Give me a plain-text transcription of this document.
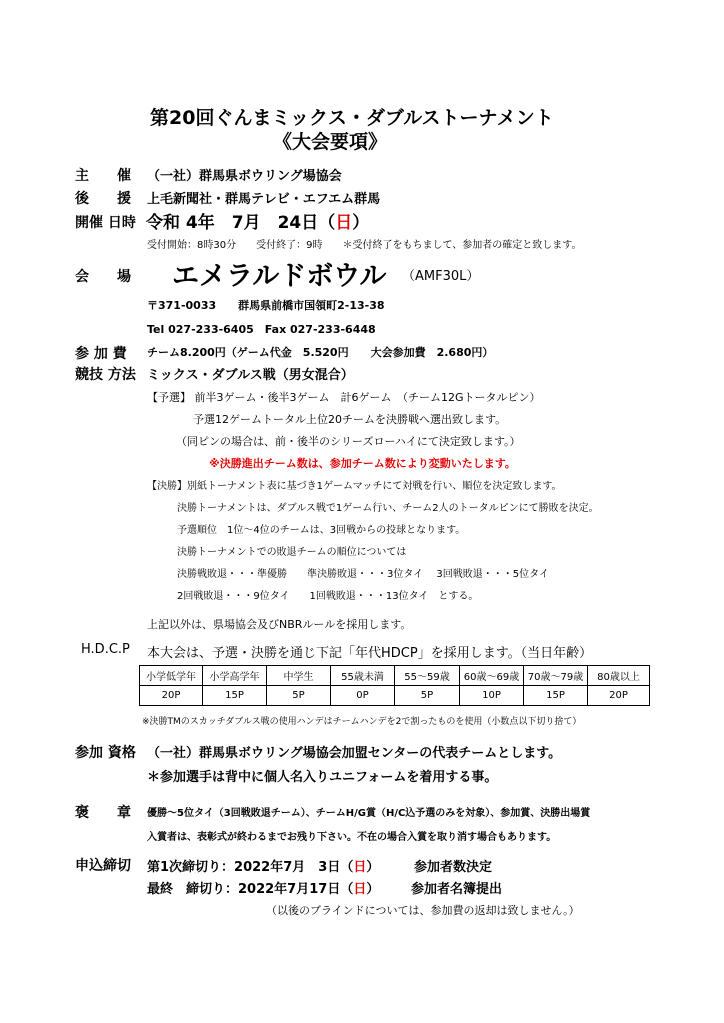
第20回ぐんまミックス・ダブルストーナメント
《大会要項》
主　　催 （一社）群馬県ボウリング場協会
後　　援 上毛新聞社・群馬テレビ・エフエム群馬
開催 日時 令和 4年　7月　24日（日）
受付開始：8時30分　　受付終了：9時　　＊受付終了をもちまして、参加者の確定と致します。
会　　場 エメラルドボウル （AMF30L）
〒371-0033　　群馬県前橋市国領町2-13-38
Tel 027-233-6405　Fax 027-233-6448
参 加 費 チーム8.200円（ゲーム代金　5.520円　　大会参加費　2.680円）
競技 方法 ミックス・ダブルス戦（男女混合）
【予選】 前半3ゲーム・後半3ゲーム　計6ゲーム　（チーム12Gトータルピン）
予選12ゲームトータル上位20チームを決勝戦へ選出致します。
（同ピンの場合は、前・後半のシリーズローハイにて決定致します。）
※決勝進出チーム数は、参加チーム数により変動いたします。
【決勝】別紙トーナメント表に基づき1ゲームマッチにて対戦を行い、順位を決定致します。
決勝トーナメントは、ダブルス戦で1ゲーム行い、チーム2人のトータルピンにて勝敗を決定。
予選順位　1位～4位のチームは、3回戦からの投球となります。
決勝トーナメントでの敗退チームの順位については
決勝戦敗退・・・準優勝　　準決勝敗退・・・3位タイ　 3回戦敗退・・・5位タイ
2回戦敗退・・・9位タイ　　1回戦敗退・・・13位タイ　とする。
上記以外は、県場協会及びNBRルールを採用します。
H.D.C.P 本大会は、予選・決勝を通じ下記「年代HDCP」を採用します。（当日年齢）
小学低学年	小学高学年	中学生	55歳未満	55～59歳	60歳～69歳	70歳～79歳	80歳以上
20P	15P	5P	0P	5P	10P	15P	20P
※決勝TMのスカッチダブルス戦の使用ハンデはチームハンデを2で割ったものを使用（小数点以下切り捨て）
参加 資格 （一社）群馬県ボウリング場協会加盟センターの代表チームとします。
＊参加選手は背中に個人名入りユニフォームを着用する事。
褒　　章 優勝～5位タイ（3回戦敗退チーム）、チームH/G賞（H/C込予選のみを対象）、参加賞、決勝出場賞
入賞者は、表彰式が終わるまでお残り下さい。不在の場合入賞を取り消す場合もあります。
申込締切 第1次締切り：2022年7月　3日（日）	参加者数決定
最終　締切り：2022年7月17日（日） 参加者名簿提出
（以後のブラインドについては、参加費の返却は致しません。）
